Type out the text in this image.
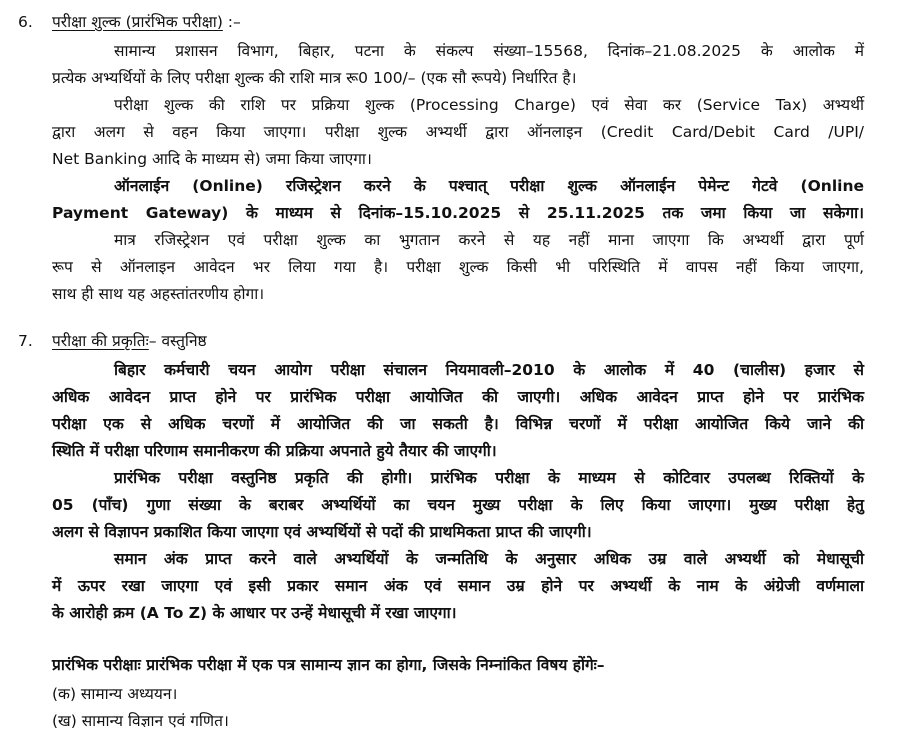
6. परीक्षा शुल्क (प्रारंभिक परीक्षा) :–
सामान्य प्रशासन विभाग, बिहार, पटना के संकल्प संख्या–15568, दिनांक–21.08.2025 के आलोक में
प्रत्येक अभ्यर्थियों के लिए परीक्षा शुल्क की राशि मात्र रू0 100/– (एक सौ रूपये) निर्धारित है।
परीक्षा शुल्क की राशि पर प्रक्रिया शुल्क (Processing Charge) एवं सेवा कर (Service Tax) अभ्यर्थी
द्वारा अलग से वहन किया जाएगा। परीक्षा शुल्क अभ्यर्थी द्वारा ऑनलाइन (Credit Card/Debit Card /UPI/
Net Banking आदि के माध्यम से) जमा किया जाएगा।
ऑनलाईन (Online) रजिस्ट्रेशन करने के पश्चात् परीक्षा शुल्क ऑनलाईन पेमेन्ट गेटवे (Online
Payment Gateway) के माध्यम से दिनांक–15.10.2025 से 25.11.2025 तक जमा किया जा सकेगा।
मात्र रजिस्ट्रेशन एवं परीक्षा शुल्क का भुगतान करने से यह नहीं माना जाएगा कि अभ्यर्थी द्वारा पूर्ण
रूप से ऑनलाइन आवेदन भर लिया गया है। परीक्षा शुल्क किसी भी परिस्थिति में वापस नहीं किया जाएगा,
साथ ही साथ यह अहस्तांतरणीय होगा।
7. परीक्षा की प्रकृतिः– वस्तुनिष्ठ
बिहार कर्मचारी चयन आयोग परीक्षा संचालन नियमावली–2010 के आलोक में 40 (चालीस) हजार से
अधिक आवेदन प्राप्त होने पर प्रारंभिक परीक्षा आयोजित की जाएगी। अधिक आवेदन प्राप्त होने पर प्रारंभिक
परीक्षा एक से अधिक चरणों में आयोजित की जा सकती है। विभिन्न चरणों में परीक्षा आयोजित किये जाने की
स्थिति में परीक्षा परिणाम समानीकरण की प्रक्रिया अपनाते हुये तैयार की जाएगी।
प्रारंभिक परीक्षा वस्तुनिष्ठ प्रकृति की होगी। प्रारंभिक परीक्षा के माध्यम से कोटिवार उपलब्ध रिक्तियों के
05 (पाँच) गुणा संख्या के बराबर अभ्यर्थियों का चयन मुख्य परीक्षा के लिए किया जाएगा। मुख्य परीक्षा हेतु
अलग से विज्ञापन प्रकाशित किया जाएगा एवं अभ्यर्थियों से पदों की प्राथमिकता प्राप्त की जाएगी।
समान अंक प्राप्त करने वाले अभ्यर्थियों के जन्मतिथि के अनुसार अधिक उम्र वाले अभ्यर्थी को मेधासूची
में ऊपर रखा जाएगा एवं इसी प्रकार समान अंक एवं समान उम्र होने पर अभ्यर्थी के नाम के अंग्रेजी वर्णमाला
के आरोही क्रम (A To Z) के आधार पर उन्हें मेधासूची में रखा जाएगा।
प्रारंभिक परीक्षाः प्रारंभिक परीक्षा में एक पत्र सामान्य ज्ञान का होगा, जिसके निम्नांकित विषय होंगेः–
(क) सामान्य अध्ययन।
(ख) सामान्य विज्ञान एवं गणित।
